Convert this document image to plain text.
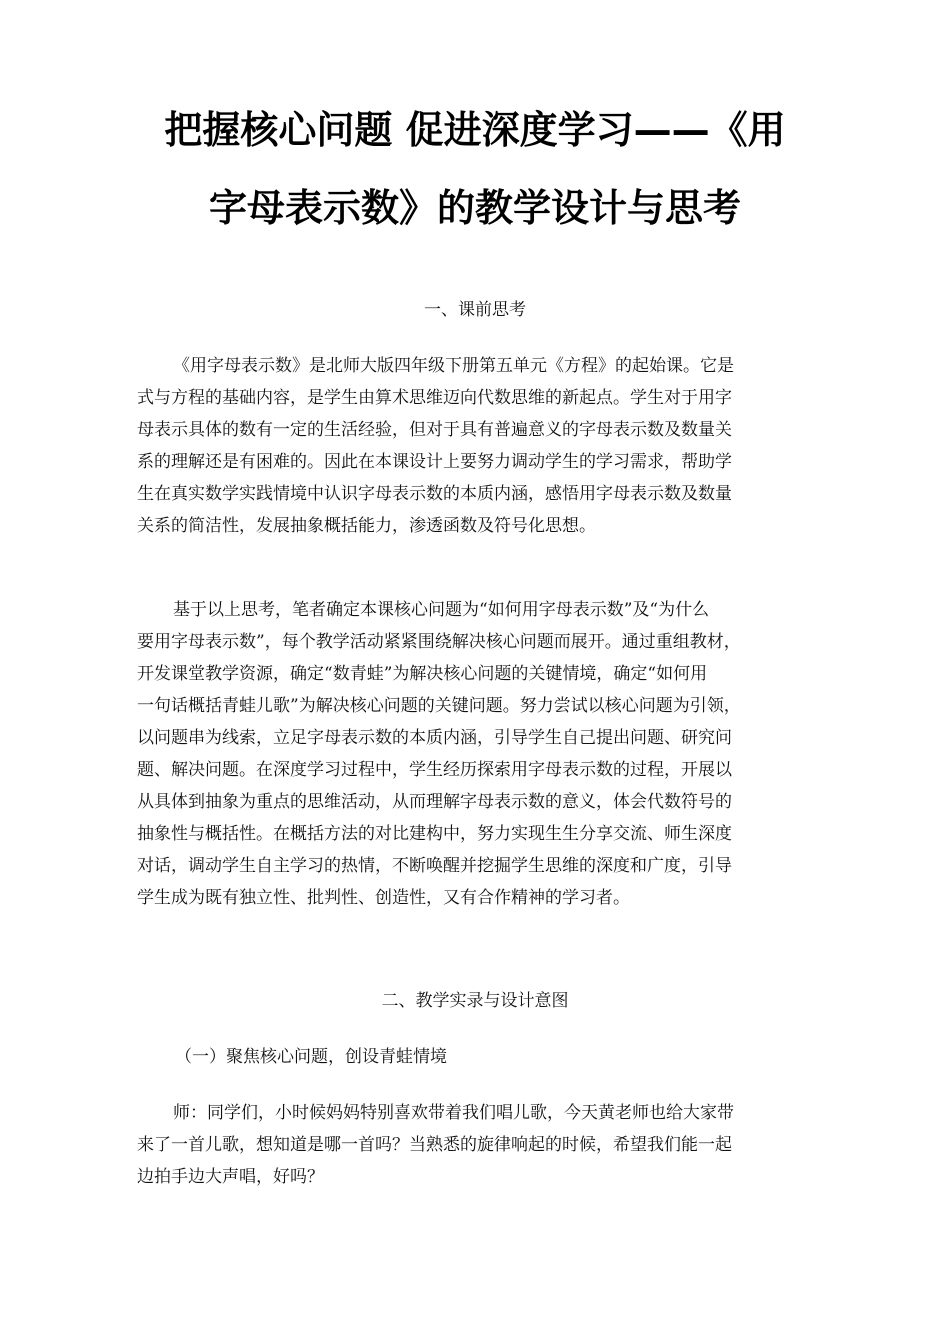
把握核心问题 促进深度学习——《用
字母表示数》的教学设计与思考
一、课前思考
《用字母表示数》是北师大版四年级下册第五单元《方程》的起始课。它是
式与方程的基础内容，是学生由算术思维迈向代数思维的新起点。学生对于用字
母表示具体的数有一定的生活经验，但对于具有普遍意义的字母表示数及数量关
系的理解还是有困难的。因此在本课设计上要努力调动学生的学习需求，帮助学
生在真实数学实践情境中认识字母表示数的本质内涵，感悟用字母表示数及数量
关系的简洁性，发展抽象概括能力，渗透函数及符号化思想。
基于以上思考，笔者确定本课核心问题为“如何用字母表示数”及“为什么
要用字母表示数”，每个教学活动紧紧围绕解决核心问题而展开。通过重组教材，
开发课堂教学资源，确定“数青蛙”为解决核心问题的关键情境，确定“如何用
一句话概括青蛙儿歌”为解决核心问题的关键问题。努力尝试以核心问题为引领，
以问题串为线索，立足字母表示数的本质内涵，引导学生自己提出问题、研究问
题、解决问题。在深度学习过程中，学生经历探索用字母表示数的过程，开展以
从具体到抽象为重点的思维活动，从而理解字母表示数的意义，体会代数符号的
抽象性与概括性。在概括方法的对比建构中，努力实现生生分享交流、师生深度
对话，调动学生自主学习的热情，不断唤醒并挖掘学生思维的深度和广度，引导
学生成为既有独立性、批判性、创造性，又有合作精神的学习者。
二、教学实录与设计意图
（一）聚焦核心问题，创设青蛙情境
师：同学们，小时候妈妈特别喜欢带着我们唱儿歌，今天黄老师也给大家带
来了一首儿歌，想知道是哪一首吗？当熟悉的旋律响起的时候，希望我们能一起
边拍手边大声唱，好吗？
